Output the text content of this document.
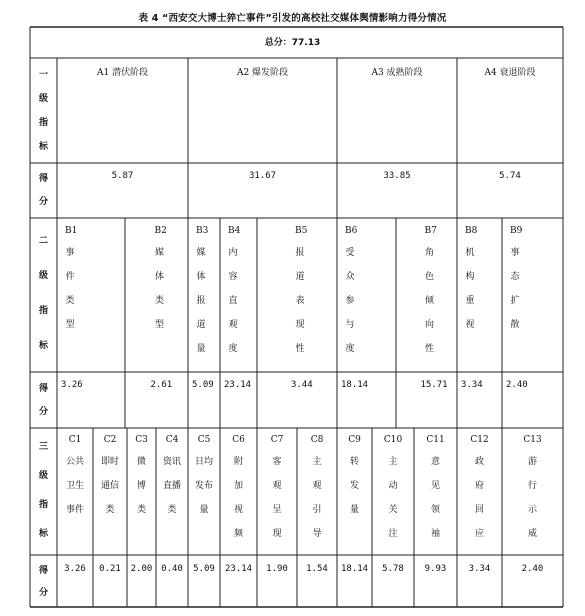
表 4 “西安交大博士猝亡事件”引发的高校社交媒体舆情影响力得分情况
总分：77.13
一
级
指
标
得
分
二
级
指
标
得
分
三
级
指
标
得
分
A1 潜伏阶段
5.87
A2 爆发阶段
31.67
A3 成熟阶段
33.85
A4 衰退阶段
5.74
B1
事
件
类
型
3.26
B2
媒
体
类
型
2.61
B3
媒
体
报
道
量
5.09
B4
内
容
直
观
度
23.14
B5
报
道
表
现
性
3.44
B6
受
众
参
与
度
18.14
B7
角
色
倾
向
性
15.71
B8
机
构
重
视
3.34
B9
事
态
扩
散
2.40
C1
公共
卫生
事件
3.26
C2
即时
通信
类
0.21
C3
微
博
类
2.00
C4
资讯
直播
类
0.40
C5
日均
发布
量
5.09
C6
附
加
视
频
23.14
C7
客
观
呈
现
1.90
C8
主
观
引
导
1.54
C9
转
发
量
18.14
C10
主
动
关
注
5.78
C11
意
见
领
袖
9.93
C12
政
府
回
应
3.34
C13
游
行
示
威
2.40
